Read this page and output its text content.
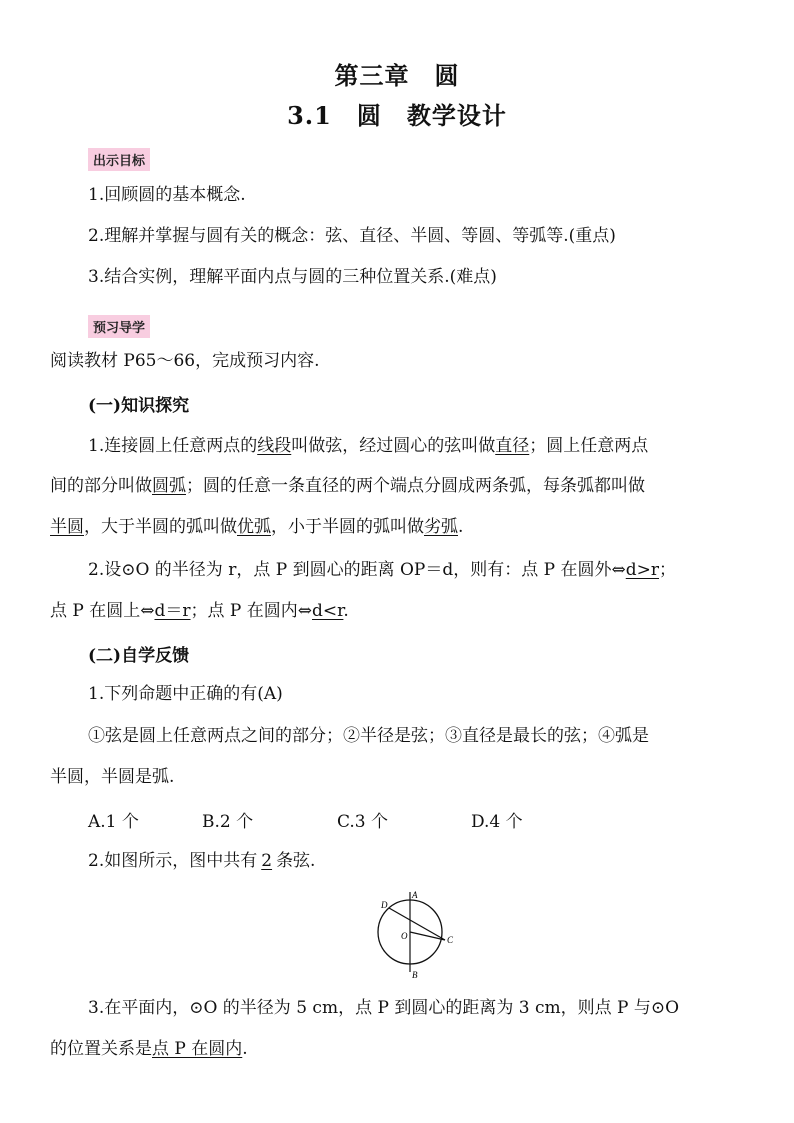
第三章　圆
3.1　圆　教学设计
出示目标
1.回顾圆的基本概念.
2.理解并掌握与圆有关的概念：弦、直径、半圆、等圆、等弧等.(重点)
3.结合实例，理解平面内点与圆的三种位置关系.(难点)
预习导学
阅读教材 P65～66，完成预习内容.
(一)知识探究
1.连接圆上任意两点的线段叫做弦，经过圆心的弦叫做直径；圆上任意两点
间的部分叫做圆弧；圆的任意一条直径的两个端点分圆成两条弧，每条弧都叫做
半圆，大于半圆的弧叫做优弧，小于半圆的弧叫做劣弧.
2.设⊙O 的半径为 r，点 P 到圆心的距离 OP＝d，则有：点 P 在圆外⇔d>r；
点 P 在圆上⇔d＝r；点 P 在圆内⇔d<r.
(二)自学反馈
1.下列命题中正确的有(A)
①弦是圆上任意两点之间的部分；②半径是弦；③直径是最长的弦；④弧是
半圆，半圆是弧.
A.1 个	B.2 个	C.3 个	D.4 个
2.如图所示，图中共有 2 条弦.
A
D
O	C
B
3.在平面内，⊙O 的半径为 5 cm，点 P 到圆心的距离为 3 cm，则点 P 与⊙O
的位置关系是点 P 在圆内.
